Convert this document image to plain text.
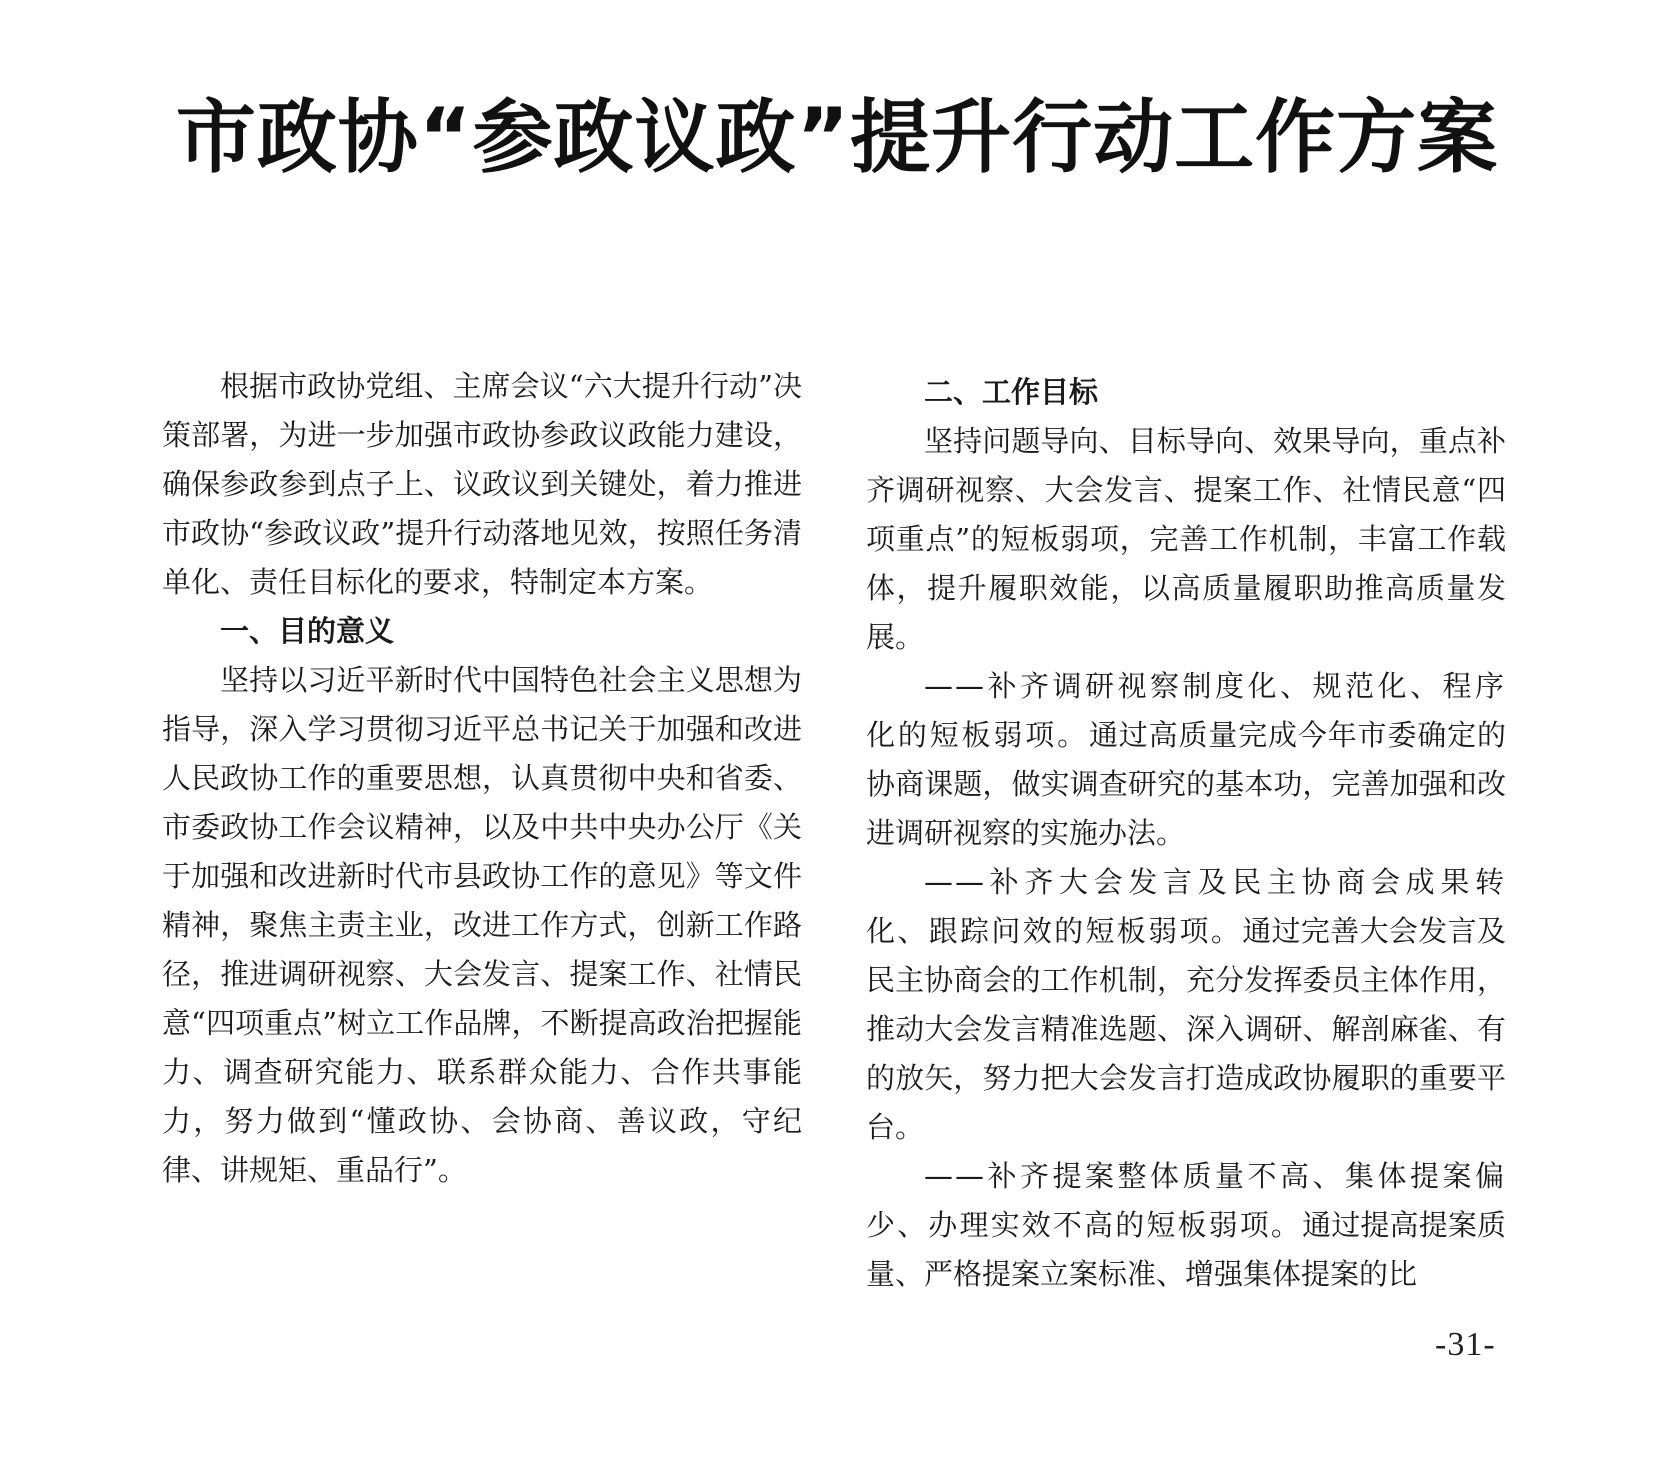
市政协“参政议政”提升行动工作方案

根据市政协党组、主席会议“六大提升行动”决策部署，为进一步加强市政协参政议政能力建设，确保参政参到点子上、议政议到关键处，着力推进市政协“参政议政”提升行动落地见效，按照任务清单化、责任目标化的要求，特制定本方案。

一、目的意义

坚持以习近平新时代中国特色社会主义思想为指导，深入学习贯彻习近平总书记关于加强和改进人民政协工作的重要思想，认真贯彻中央和省委、市委政协工作会议精神，以及中共中央办公厅《关于加强和改进新时代市县政协工作的意见》等文件精神，聚焦主责主业，改进工作方式，创新工作路径，推进调研视察、大会发言、提案工作、社情民意“四项重点”树立工作品牌，不断提高政治把握能力、调查研究能力、联系群众能力、合作共事能力，努力做到“懂政协、会协商、善议政，守纪律、讲规矩、重品行”。

二、工作目标

坚持问题导向、目标导向、效果导向，重点补齐调研视察、大会发言、提案工作、社情民意“四项重点”的短板弱项，完善工作机制，丰富工作载体，提升履职效能，以高质量履职助推高质量发展。

——补齐调研视察制度化、规范化、程序化的短板弱项。通过高质量完成今年市委确定的协商课题，做实调查研究的基本功，完善加强和改进调研视察的实施办法。

——补齐大会发言及民主协商会成果转化、跟踪问效的短板弱项。通过完善大会发言及民主协商会的工作机制，充分发挥委员主体作用，推动大会发言精准选题、深入调研、解剖麻雀、有的放矢，努力把大会发言打造成政协履职的重要平台。

——补齐提案整体质量不高、集体提案偏少、办理实效不高的短板弱项。通过提高提案质量、严格提案立案标准、增强集体提案的比

-31-
